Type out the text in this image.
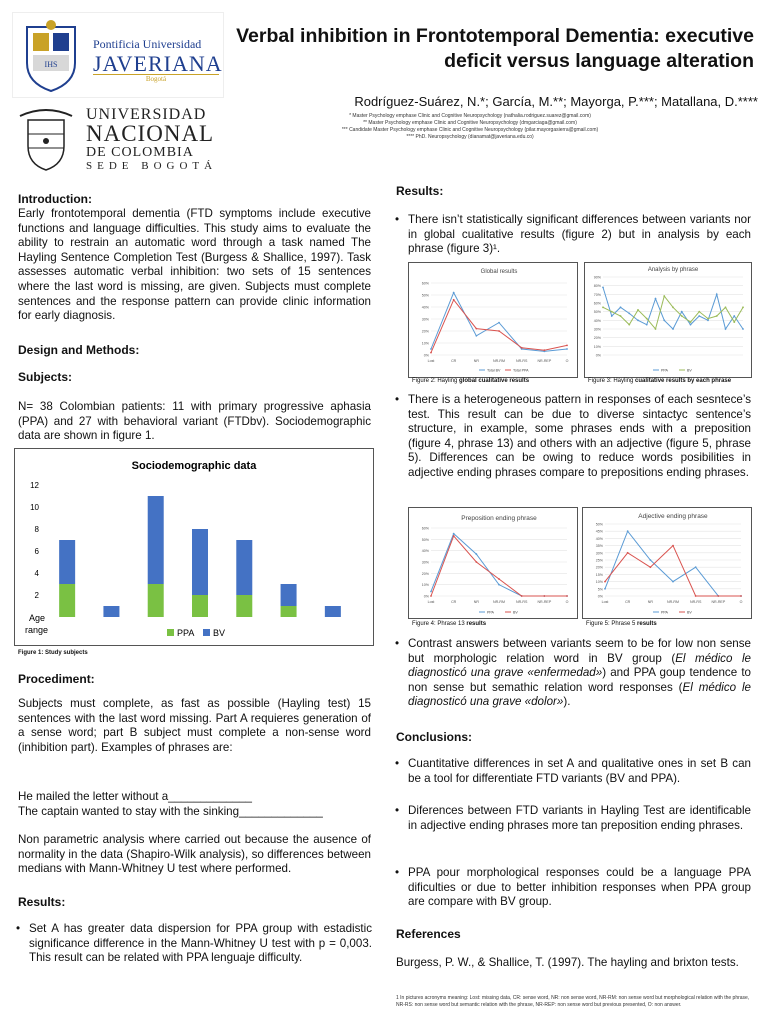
IHS
Pontificia Universidad
JAVERIANA
Bogotá
UNIVERSIDAD
NACIONAL
DE COLOMBIA
SEDE BOGOTÁ
Verbal inhibition in Frontotemporal Dementia: executive deficit versus language alteration
Rodríguez-Suárez, N.*; García, M.**; Mayorga, P.***; Matallana, D.****
* Master Psychology emphase Clinic and Cognitive Neuropsychology (nathalia.rodriguez.suarez@gmail.com)
** Master Psychology emphase Clinic and Cognitive Neuropsychology (dmgarciaga@gmail.com)
*** Candidate Master Psychology emphase Clinic and Cognitive Neuropsychology (pilar.mayorgasierra@gmail.com)
**** PhD. Neuropsychology (dianamat@javeriana.edu.co)
Introduction:
Early frontotemporal dementia (FTD symptoms include executive functions and language difficulties. This study aims to evaluate the ability to restrain an automatic word through a task named The Hayling Sentence Completion Test (Burgess & Shallice, 1997). Task assesses automatic verbal inhibition: two sets of 15 sentences where the last word is missing, are given. Subjects must complete sentences and the response pattern can provide clinic information for early diagnosis.
Design and Methods:
Subjects:
N= 38 Colombian patients: 11 with primary progressive aphasia (PPA) and 27 with behavioral variant (FTDbv). Sociodemographic data are shown in figure 1.
Sociodemographic data
2
4
6
8
10
12
Age
range	PPA BV
Figure 1: Study subjects
Procediment:
Subjects must complete, as fast as possible (Hayling test) 15 sentences with the last word missing. Part A requieres generation of a sense word; part B subject must complete a non-sense word (inhibition part). Examples of phrases are:
He mailed the letter without a_____________
The captain wanted to stay with the sinking_____________
Non parametric analysis where carried out because the ausence of normality in the data (Shapiro-Wilk analysis), so differences between medians with Mann-Whitney U test where performed.
Results:
• Set A has greater data dispersion for PPA group with estadistic significance difference in the Mann-Whitney U test with p = 0,003. This result can be related with PPA lenguaje difficulty.
Results:
• There isn’t statistically significant differences between variants nor in global cualitative results (figure 2) but in analysis by each phrase (figure 3)¹.
Global results
0%
10%
20%
30%
40%
50%
60%
Lost	CR	NR	NR-RM	NR-RS	NR-REP	O
Total BV	Total PPA
Figure 2: Hayling global cualitative results
Analysis by phrase
0%
10%
20%
30%
40%
50%
60%
70%
80%
90%
PPA	BV
Figure 3: Hayling cualitative results by each phrase
• There is a heterogeneous pattern in responses of each sesntece’s test. This result can be due to diverse sintactyc sentence’s structure, in example, some phrases ends with a preposition (figure 4, phrase 13) and others with an adjective (figure 5, phrase 5). Differences can be owing to reduce words posibilities in adjective ending phrases compare to prepositions ending phrases.
Preposition ending phrase
0%
10%
20%
30%
40%
50%
60%
Lost	CR	NR	NR-RM	NR-RS	NR-REP	O
PPA	BV
Figure 4: Phrase 13 results
Adjective ending phrase
0%
5%
10%
15%
20%
25%
30%
35%
40%
45%
50%
Lost	CR	NR	NR-RM	NR-RS	NR-REP	O
PPA	BV
Figure 5: Phrase 5 results
• Contrast answers between variants seem to be for low non sense but morphologic relation word in BV group (El médico le diagnosticó una grave «enfermedad») and PPA goup tendence to non sense but semathic relation word responses (El médico le diagnosticó una grave «dolor»).
Conclusions:
• Cuantitative differences in set A and qualitative ones in set B can be a tool for differentiate FTD variants (BV and PPA).
• Diferences between FTD variants in Hayling Test are identificable in adjective ending phrases more tan preposition ending phrases.
• PPA pour morphological responses could be a language PPA dificulties or due to better inhibition responses when PPA group are compare with BV group.
References
Burgess, P. W., & Shallice, T. (1997). The hayling and brixton tests.
1 In pictures acronyms meaning: Lost: missing data, CR: sense word, NR: non sense word, NR-RM: non sense word but morphological relation with the phrase, NR-RS: non sense word but semantic relation with the phrase, NR-REP: non sense word but previous presented, O: non answer.
